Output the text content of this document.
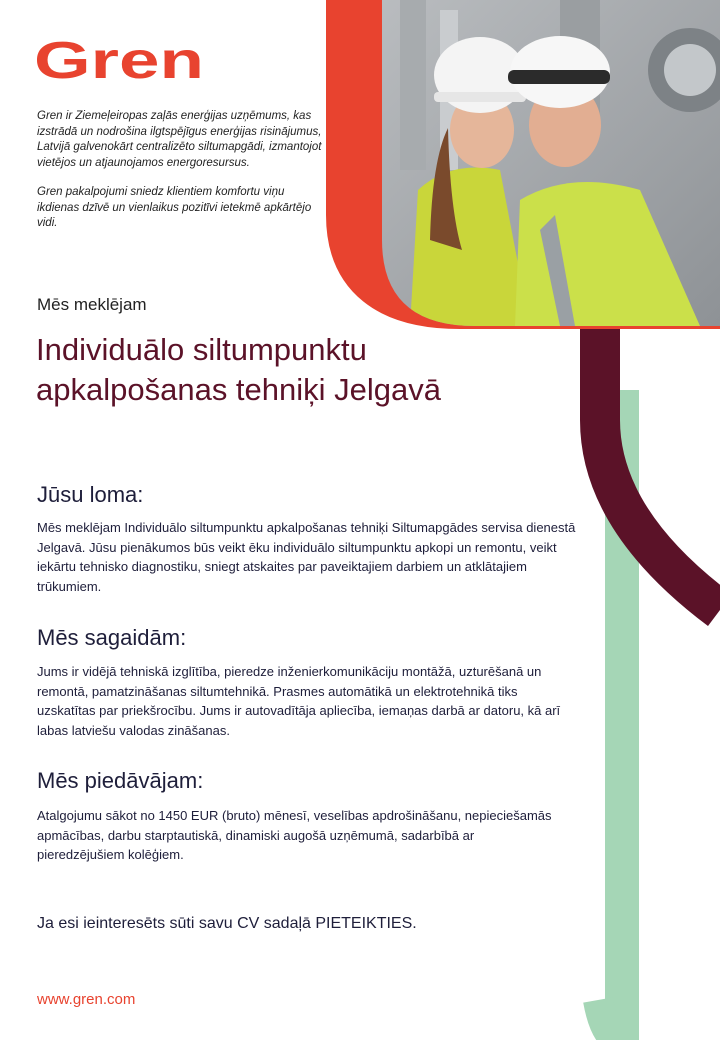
Gren

Gren ir Ziemeļeiropas zaļās enerģijas uzņēmums, kas izstrādā un nodrošina ilgtspējīgus enerģijas risinājumus, Latvijā galvenokārt centralizēto siltumapgādi, izmantojot vietējos un atjaunojamos energoresursus.

Gren pakalpojumi sniedz klientiem komfortu viņu ikdienas dzīvē un vienlaikus pozitīvi ietekmē apkārtējo vidi.

Mēs meklējam
Individuālo siltumpunktu
apkalpošanas tehniķi Jelgavā
Jūsu loma:
Mēs meklējam Individuālo siltumpunktu apkalpošanas tehniķi Siltumapgādes servisa dienestā Jelgavā. Jūsu pienākumos būs veikt ēku individuālo siltumpunktu apkopi un remontu, veikt iekārtu tehnisko diagnostiku, sniegt atskaites par paveiktajiem darbiem un atklātajiem trūkumiem.
Mēs sagaidām:
Jums ir vidējā tehniskā izglītība, pieredze inženierkomunikāciju montāžā, uzturēšanā un remontā, pamatzināšanas siltumtehnikā. Prasmes automātikā un elektrotehnikā tiks uzskatītas par priekšrocību. Jums ir autovadītāja apliecība, iemaņas darbā ar datoru, kā arī labas latviešu valodas zināšanas.
Mēs piedāvājam:
Atalgojumu sākot no 1450 EUR (bruto) mēnesī, veselības apdrošināšanu, nepieciešamās apmācības, darbu starptautiskā, dinamiski augošā uzņēmumā, sadarbībā ar pieredzējušiem kolēģiem.
Ja esi ieinteresēts sūti savu CV sadaļā PIETEIKTIES.
www.gren.com
